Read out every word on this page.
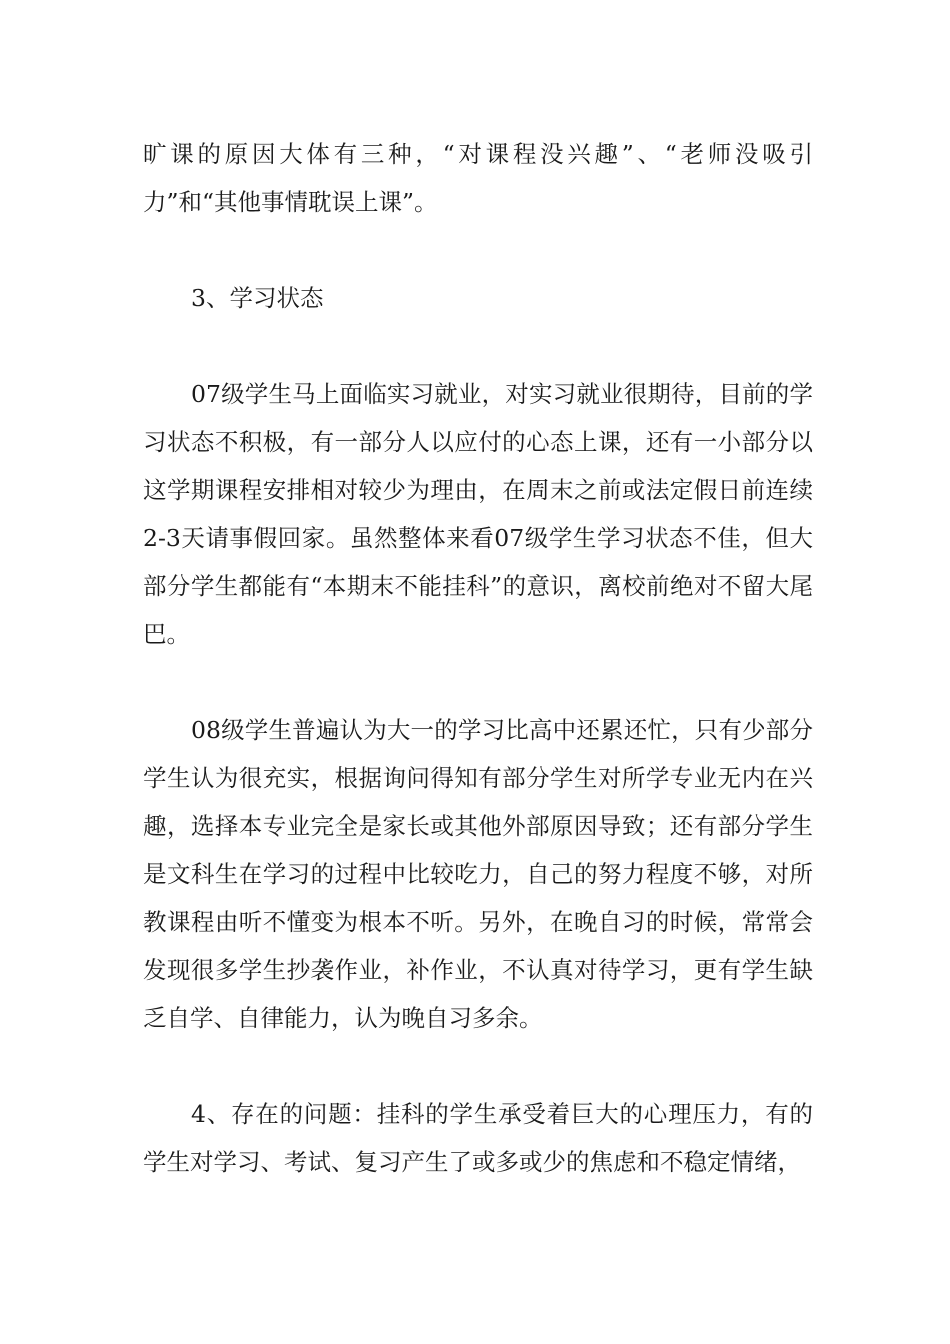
旷课的原因大体有三种，“对课程没兴趣”、“老师没吸引力”和“其他事情耽误上课”。

3、学习状态

07级学生马上面临实习就业，对实习就业很期待，目前的学习状态不积极，有一部分人以应付的心态上课，还有一小部分以这学期课程安排相对较少为理由，在周末之前或法定假日前连续2-3天请事假回家。虽然整体来看07级学生学习状态不佳，但大部分学生都能有“本期末不能挂科”的意识，离校前绝对不留大尾巴。

08级学生普遍认为大一的学习比高中还累还忙，只有少部分学生认为很充实，根据询问得知有部分学生对所学专业无内在兴趣，选择本专业完全是家长或其他外部原因导致；还有部分学生是文科生在学习的过程中比较吃力，自己的努力程度不够，对所教课程由听不懂变为根本不听。另外，在晚自习的时候，常常会发现很多学生抄袭作业，补作业，不认真对待学习，更有学生缺乏自学、自律能力，认为晚自习多余。

4、存在的问题：挂科的学生承受着巨大的心理压力，有的学生对学习、考试、复习产生了或多或少的焦虑和不稳定情绪，
